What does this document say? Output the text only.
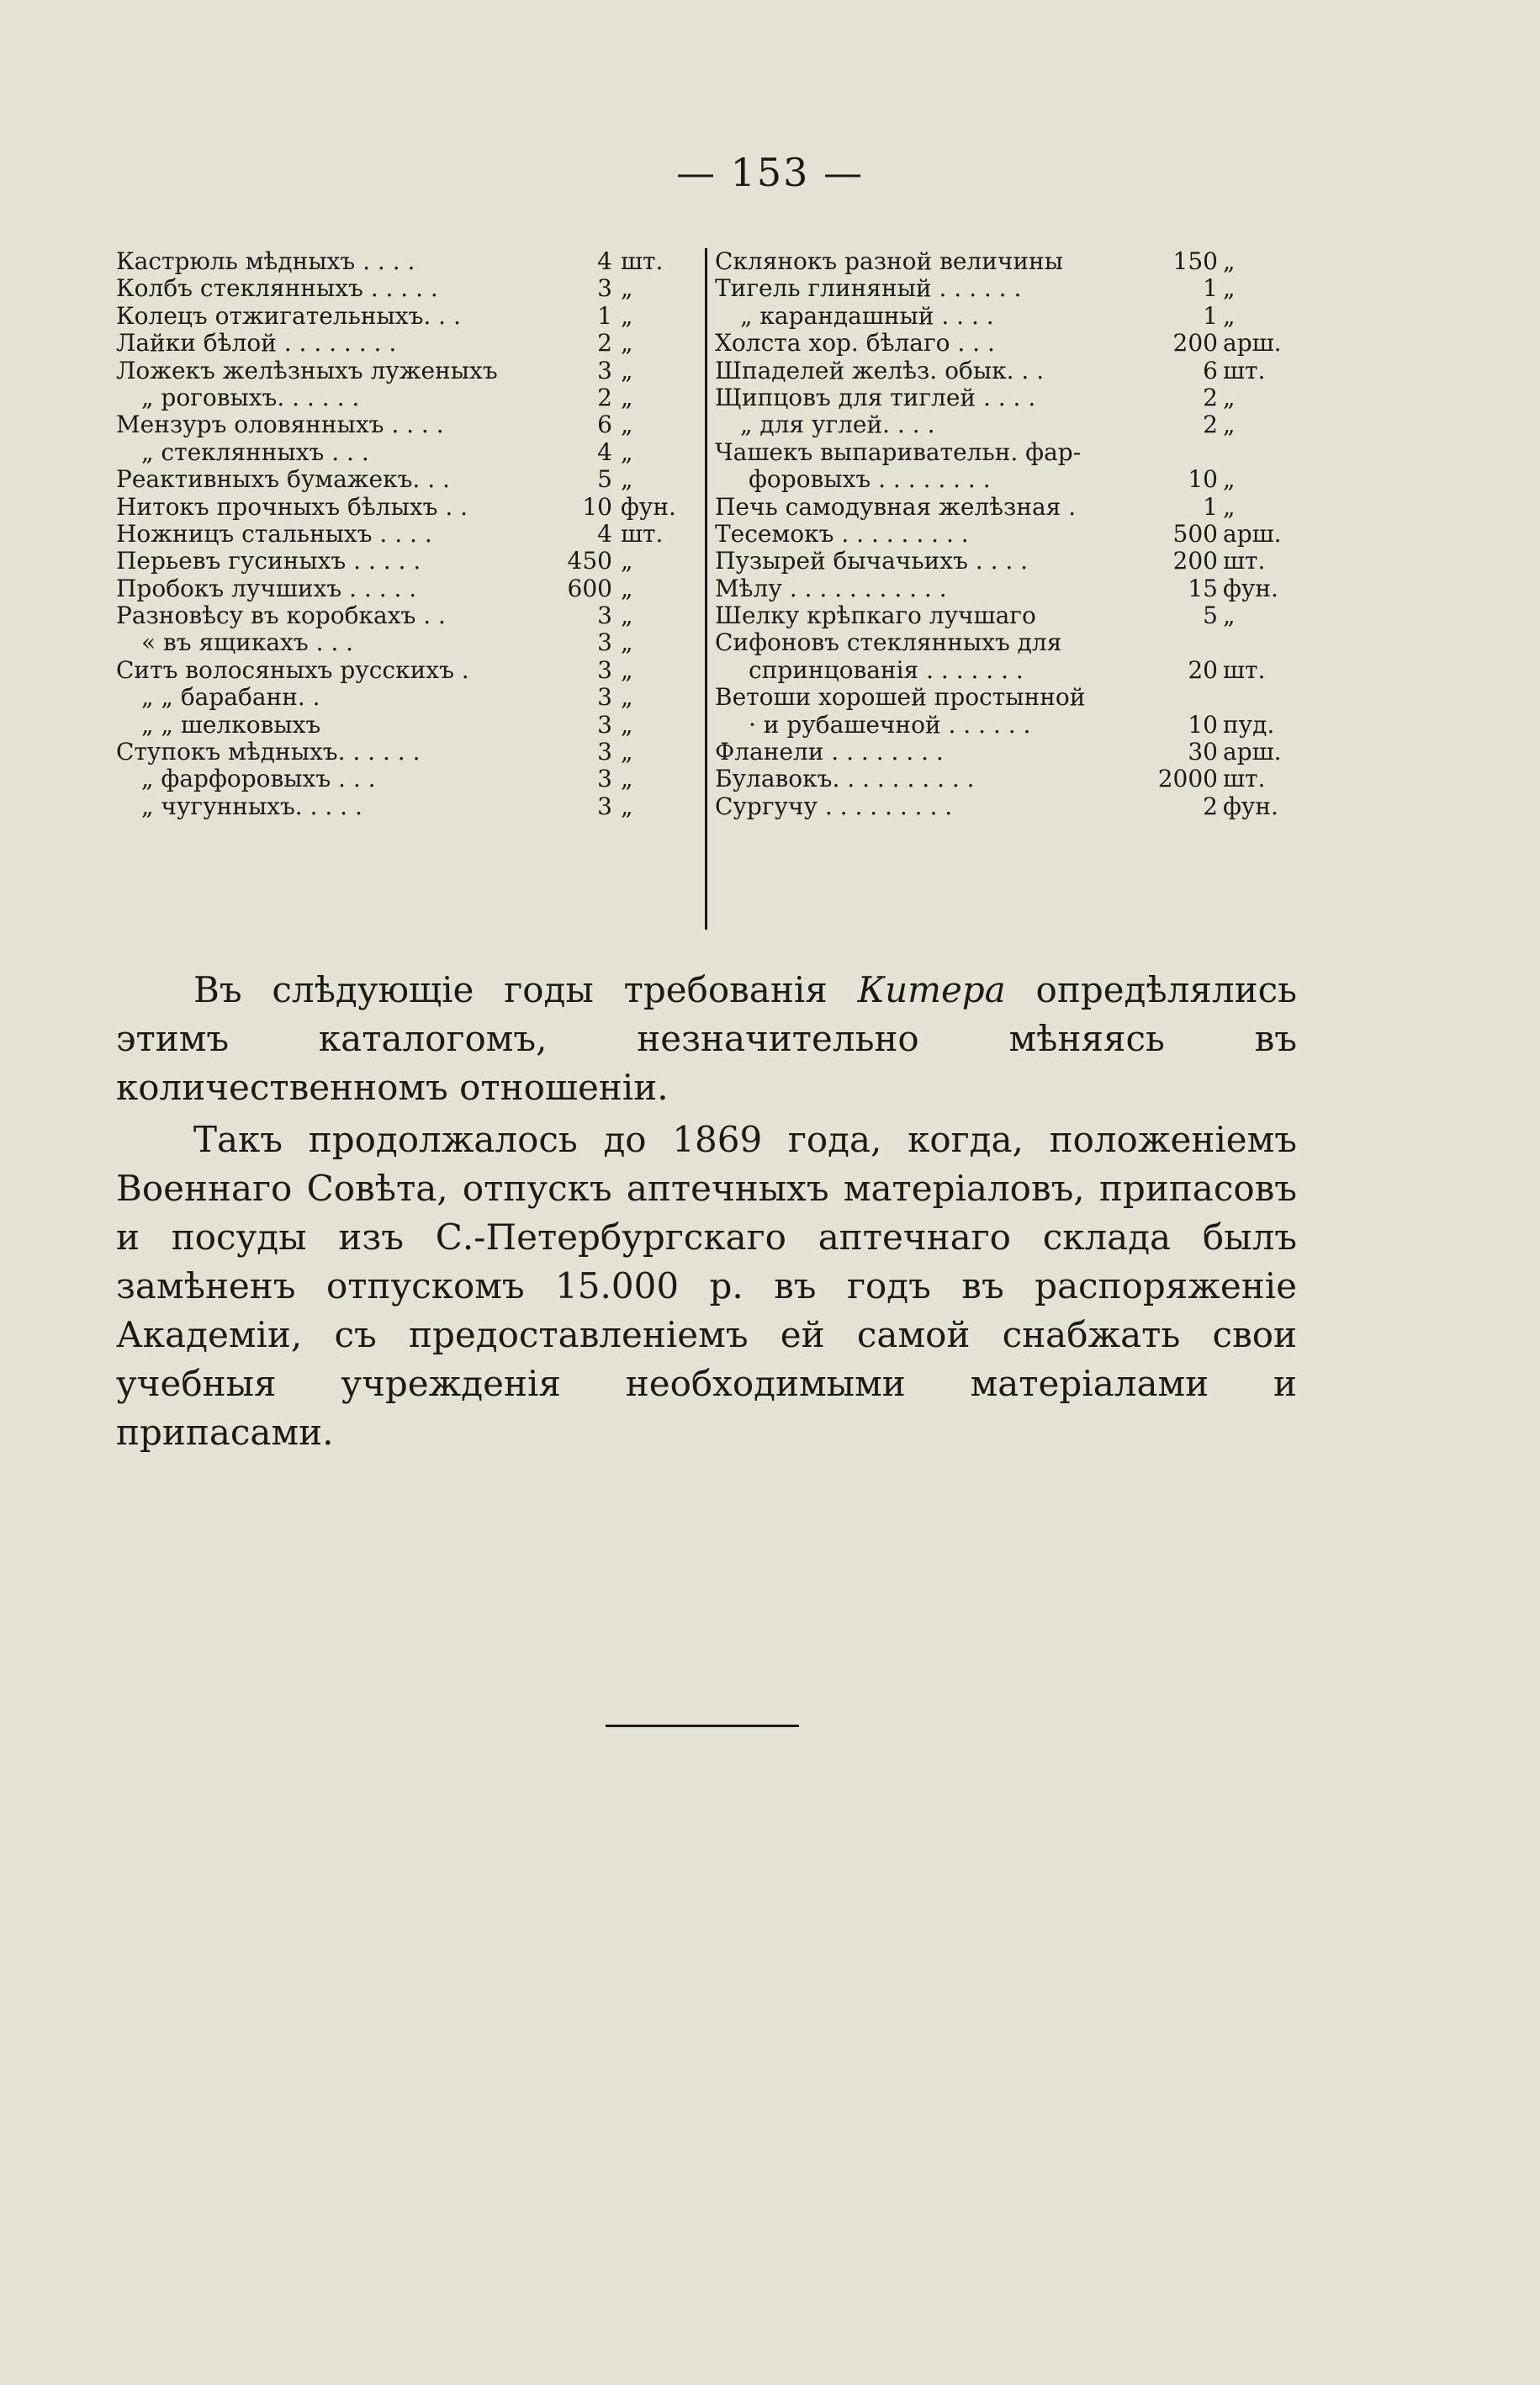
— 153 —
Кастрюль мѣдныхъ . . . .	4 шт.
Колбъ стеклянныхъ . . . . .	3 „
Колецъ отжигательныхъ. . .	1 „
Лайки бѣлой . . . . . . . .	2 „
Ложекъ желѣзныхъ луженыхъ	3 „
„ роговыхъ. . . . . .	2 „
Мензуръ оловянныхъ . . . .	6 „
„ стеклянныхъ . . .	4 „
Реактивныхъ бумажекъ. . .	5 „
Нитокъ прочныхъ бѣлыхъ . .	10 фун.
Ножницъ стальныхъ . . . .	4 шт.
Перьевъ гусиныхъ . . . . .	450 „
Пробокъ лучшихъ . . . . .	600 „
Разновѣсу въ коробкахъ . .	3 „
« въ ящикахъ . . .	3 „
Ситъ волосяныхъ русскихъ .	3 „
„ „ барабанн. .	3 „
„ „ шелковыхъ	3 „
Ступокъ мѣдныхъ. . . . . .	3 „
„ фарфоровыхъ . . .	3 „
„ чугунныхъ. . . . .	3 „
Склянокъ разной величины	150 „
Тигель глиняный . . . . . .	1 „
„ карандашный . . . .	1 „
Холста хор. бѣлаго . . .	200 арш.
Шпаделей желѣз. обык. . .	6 шт.
Щипцовъ для тиглей . . . .	2 „
„ для углей. . . .	2 „
Чашекъ выпаривательн. фар-
форовыхъ . . . . . . . .	10 „
Печь самодувная желѣзная .	1 „
Тесемокъ . . . . . . . . .	500 арш.
Пузырей бычачьихъ . . . .	200 шт.
Мѣлу . . . . . . . . . . .	15 фун.
Шелку крѣпкаго лучшаго	5 „
Сифоновъ стеклянныхъ для
спринцованія . . . . . . .	20 шт.
Ветоши хорошей простынной
· и рубашечной . . . . . .	10 пуд.
Фланели . . . . . . . .	30 арш.
Булавокъ. . . . . . . . . .	2000 шт.
Сургучу . . . . . . . . .	2 фун.
Въ слѣдующіе годы требованія Китера опредѣлялись этимъ каталогомъ, незначительно мѣняясь въ количественномъ отношеніи.
Такъ продолжалось до 1869 года, когда, положеніемъ Военнаго Совѣта, отпускъ аптечныхъ матеріаловъ, припасовъ и посуды изъ С.-Петербургскаго аптечнаго склада былъ замѣненъ отпускомъ 15.000 р. въ годъ въ распоряженіе Академіи, съ предоставленіемъ ей самой снабжать свои учебныя учрежденія необходимыми матеріалами и припасами.
